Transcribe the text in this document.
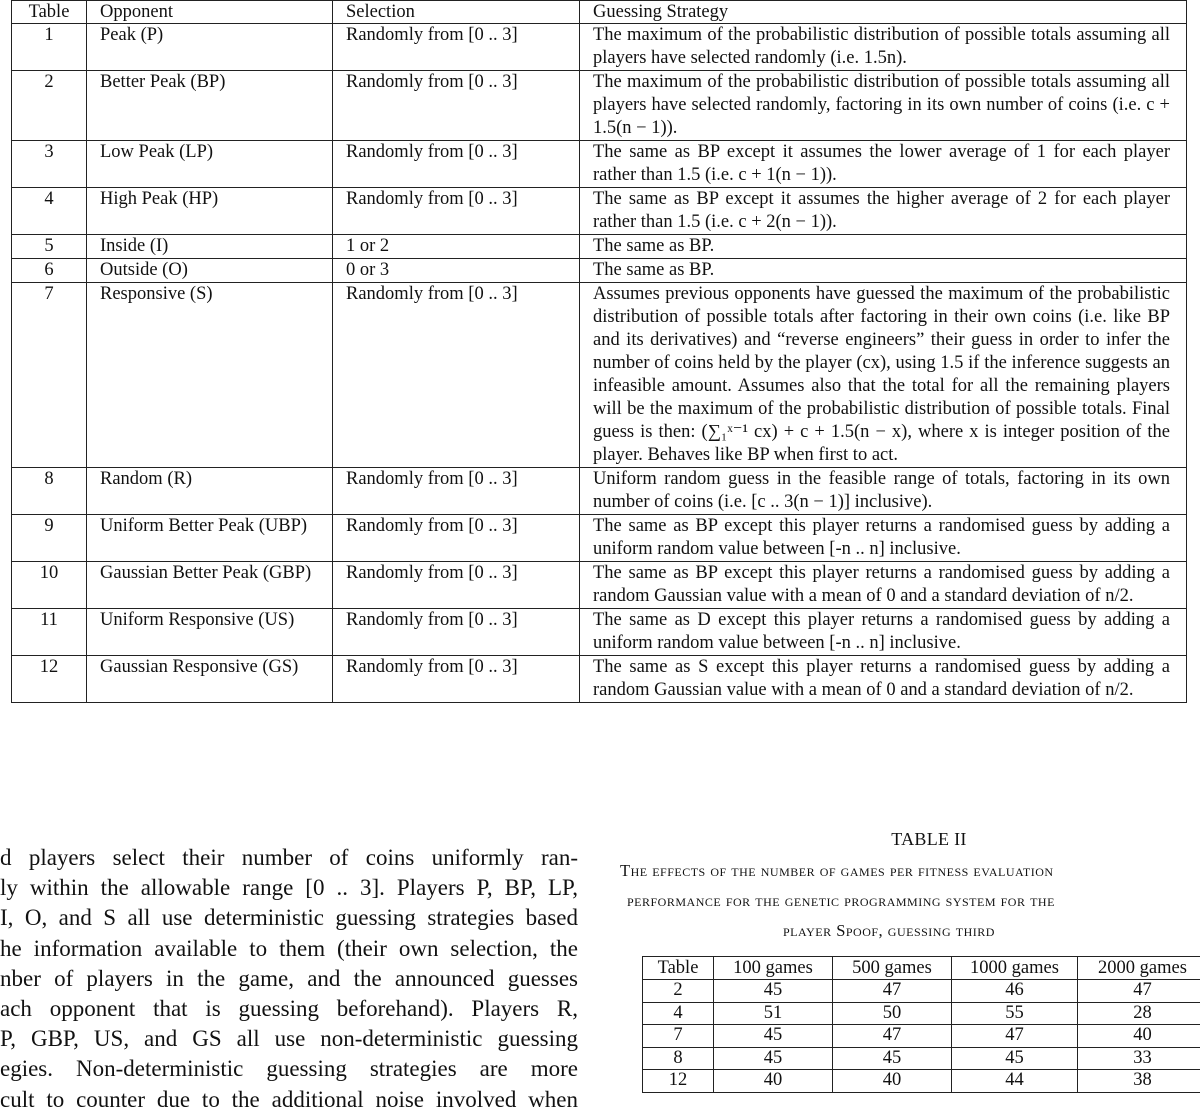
Table	Opponent	Selection	Guessing Strategy
1	Peak (P)	Randomly from [0 .. 3]	The maximum of the probabilistic distribution of possible totals assuming all players have selected randomly (i.e. 1.5n).
2	Better Peak (BP)	Randomly from [0 .. 3]	The maximum of the probabilistic distribution of possible totals assuming all players have selected randomly, factoring in its own number of coins (i.e. c + 1.5(n − 1)).
3	Low Peak (LP)	Randomly from [0 .. 3]	The same as BP except it assumes the lower average of 1 for each player rather than 1.5 (i.e. c + 1(n − 1)).
4	High Peak (HP)	Randomly from [0 .. 3]	The same as BP except it assumes the higher average of 2 for each player rather than 1.5 (i.e. c + 2(n − 1)).
5	Inside (I)	1 or 2	The same as BP.
6	Outside (O)	0 or 3	The same as BP.
7	Responsive (S)	Randomly from [0 .. 3]	Assumes previous opponents have guessed the maximum of the probabilistic distribution of possible totals after factoring in their own coins (i.e. like BP and its derivatives) and “reverse engineers” their guess in order to infer the number of coins held by the player (cx), using 1.5 if the inference suggests an infeasible amount. Assumes also that the total for all the remaining players will be the maximum of the probabilistic distribution of possible totals. Final guess is then: (∑₁ˣ⁻¹ cx) + c + 1.5(n − x), where x is integer position of the player. Behaves like BP when first to act.
8	Random (R)	Randomly from [0 .. 3]	Uniform random guess in the feasible range of totals, factoring in its own number of coins (i.e. [c .. 3(n − 1)] inclusive).
9	Uniform Better Peak (UBP)	Randomly from [0 .. 3]	The same as BP except this player returns a randomised guess by adding a uniform random value between [-n .. n] inclusive.
10	Gaussian Better Peak (GBP)	Randomly from [0 .. 3]	The same as BP except this player returns a randomised guess by adding a random Gaussian value with a mean of 0 and a standard deviation of n/2.
11	Uniform Responsive (US)	Randomly from [0 .. 3]	The same as D except this player returns a randomised guess by adding a uniform random value between [-n .. n] inclusive.
12	Gaussian Responsive (GS)	Randomly from [0 .. 3]	The same as S except this player returns a randomised guess by adding a random Gaussian value with a mean of 0 and a standard deviation of n/2.
d players select their number of coins uniformly ran-
ly within the allowable range [0 .. 3]. Players P, BP, LP,
I, O, and S all use deterministic guessing strategies based
he information available to them (their own selection, the
nber of players in the game, and the announced guesses
ach opponent that is guessing beforehand). Players R,
P, GBP, US, and GS all use non-deterministic guessing
egies. Non-deterministic guessing strategies are more
cult to counter due to the additional noise involved when
TABLE II
The effects of the number of games per fitness evaluation
performance for the genetic programming system for the
player Spoof, guessing third
Table	100 games	500 games	1000 games	2000 games
2	45	47	46	47
4	51	50	55	28
7	45	47	47	40
8	45	45	45	33
12	40	40	44	38
